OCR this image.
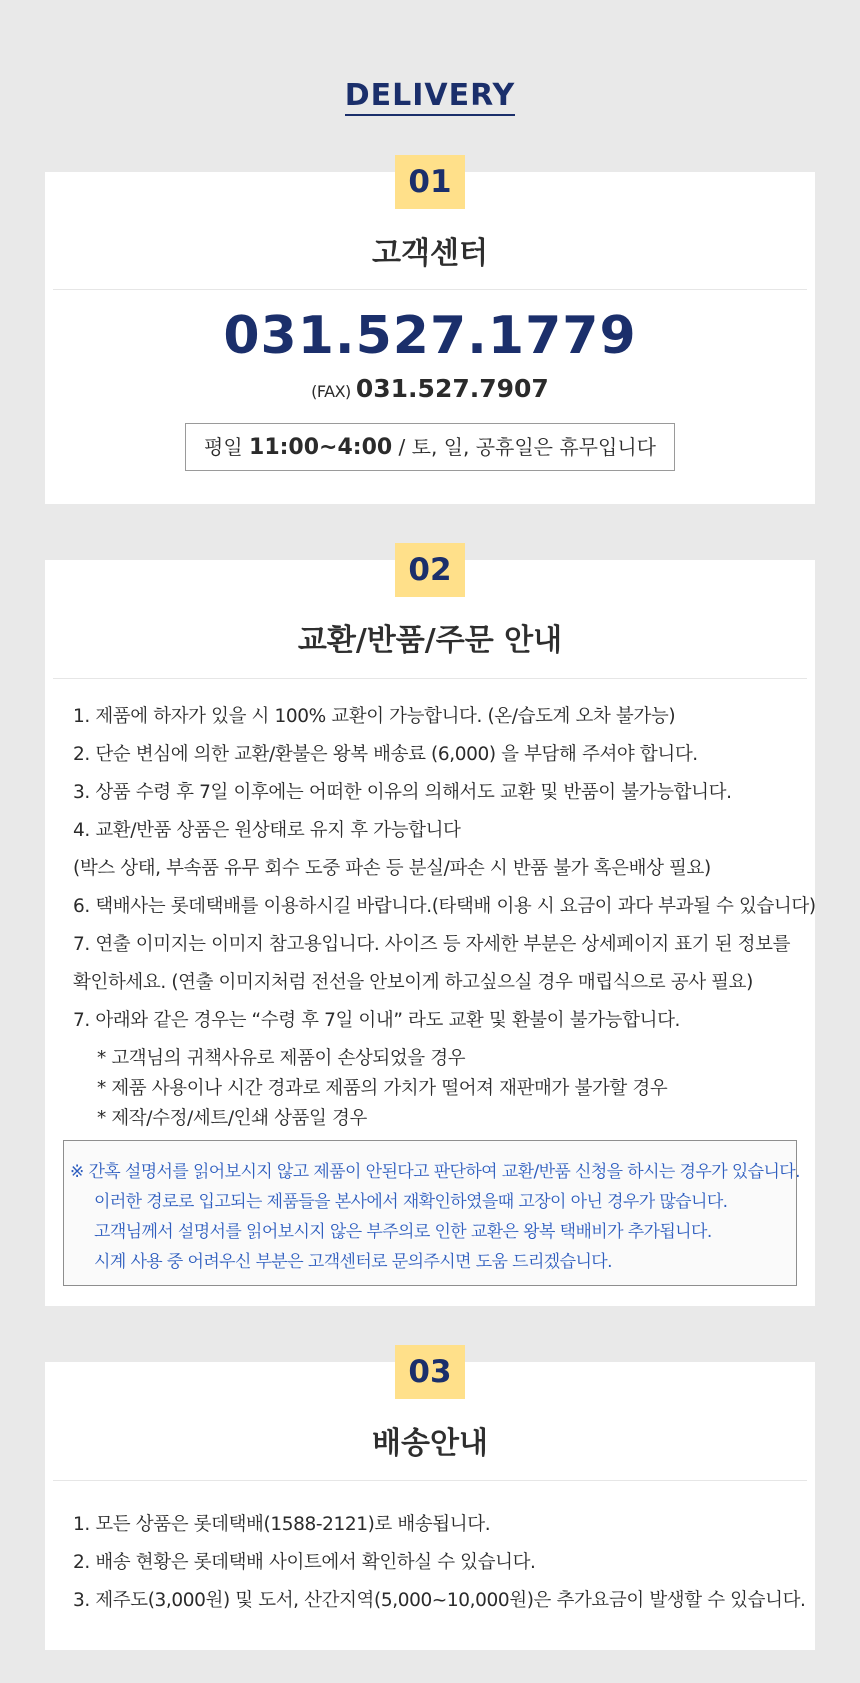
DELIVERY
01
고객센터
031.527.1779
(FAX) 031.527.7907
평일 11:00~4:00 / 토, 일, 공휴일은 휴무입니다
02
교환/반품/주문 안내
1. 제품에 하자가 있을 시 100% 교환이 가능합니다. (온/습도계 오차 불가능)
2. 단순 변심에 의한 교환/환불은 왕복 배송료 (6,000) 을 부담해 주셔야 합니다.
3. 상품 수령 후 7일 이후에는 어떠한 이유의 의해서도 교환 및 반품이 불가능합니다.
4. 교환/반품 상품은 원상태로 유지 후 가능합니다
(박스 상태, 부속품 유무 회수 도중 파손 등 분실/파손 시 반품 불가 혹은배상 필요)
6. 택배사는 롯데택배를 이용하시길 바랍니다.(타택배 이용 시 요금이 과다 부과될 수 있습니다)
7. 연출 이미지는 이미지 참고용입니다. 사이즈 등 자세한 부분은 상세페이지 표기 된 정보를
확인하세요. (연출 이미지처럼 전선을 안보이게 하고싶으실 경우 매립식으로 공사 필요)
7. 아래와 같은 경우는 “수령 후 7일 이내” 라도 교환 및 환불이 불가능합니다.
* 고객님의 귀책사유로 제품이 손상되었을 경우
* 제품 사용이나 시간 경과로 제품의 가치가 떨어져 재판매가 불가할 경우
* 제작/수정/세트/인쇄 상품일 경우
※ 간혹 설명서를 읽어보시지 않고 제품이 안된다고 판단하여 교환/반품 신청을 하시는 경우가 있습니다.
이러한 경로로 입고되는 제품들을 본사에서 재확인하였을때 고장이 아닌 경우가 많습니다.
고객님께서 설명서를 읽어보시지 않은 부주의로 인한 교환은 왕복 택배비가 추가됩니다.
시계 사용 중 어려우신 부분은 고객센터로 문의주시면 도움 드리겠습니다.
03
배송안내
1. 모든 상품은 롯데택배(1588-2121)로 배송됩니다.
2. 배송 현황은 롯데택배 사이트에서 확인하실 수 있습니다.
3. 제주도(3,000원) 및 도서, 산간지역(5,000~10,000원)은 추가요금이 발생할 수 있습니다.
